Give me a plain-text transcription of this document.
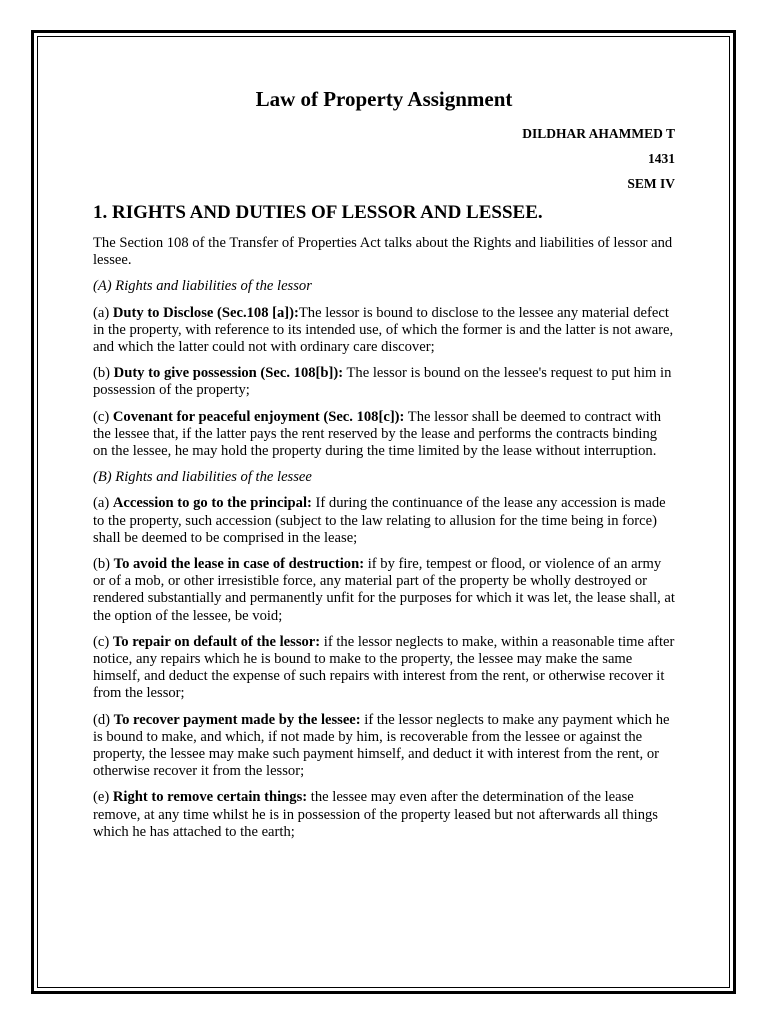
Law of Property Assignment
DILDHAR AHAMMED T
1431
SEM IV
1. RIGHTS AND DUTIES OF LESSOR AND LESSEE.

The Section 108 of the Transfer of Properties Act talks about the Rights and liabilities of lessor and lessee.

(A) Rights and liabilities of the lessor

(a) Duty to Disclose (Sec.108 [a]):The lessor is bound to disclose to the lessee any material defect in the property, with reference to its intended use, of which the former is and the latter is not aware, and which the latter could not with ordinary care discover;

(b) Duty to give possession (Sec. 108[b]): The lessor is bound on the lessee's request to put him in possession of the property;

(c) Covenant for peaceful enjoyment (Sec. 108[c]): The lessor shall be deemed to contract with the lessee that, if the latter pays the rent reserved by the lease and performs the contracts binding on the lessee, he may hold the property during the time limited by the lease without interruption.

(B) Rights and liabilities of the lessee

(a) Accession to go to the principal: If during the continuance of the lease any accession is made to the property, such accession (subject to the law relating to allusion for the time being in force) shall be deemed to be comprised in the lease;

(b) To avoid the lease in case of destruction: if by fire, tempest or flood, or violence of an army or of a mob, or other irresistible force, any material part of the property be wholly destroyed or rendered substantially and permanently unfit for the purposes for which it was let, the lease shall, at the option of the lessee, be void;

(c) To repair on default of the lessor: if the lessor neglects to make, within a reasonable time after notice, any repairs which he is bound to make to the property, the lessee may make the same himself, and deduct the expense of such repairs with interest from the rent, or otherwise recover it from the lessor;

(d) To recover payment made by the lessee: if the lessor neglects to make any payment which he is bound to make, and which, if not made by him, is recoverable from the lessee or against the property, the lessee may make such payment himself, and deduct it with interest from the rent, or otherwise recover it from the lessor;

(e) Right to remove certain things: the lessee may even after the determination of the lease remove, at any time whilst he is in possession of the property leased but not afterwards all things which he has attached to the earth;
